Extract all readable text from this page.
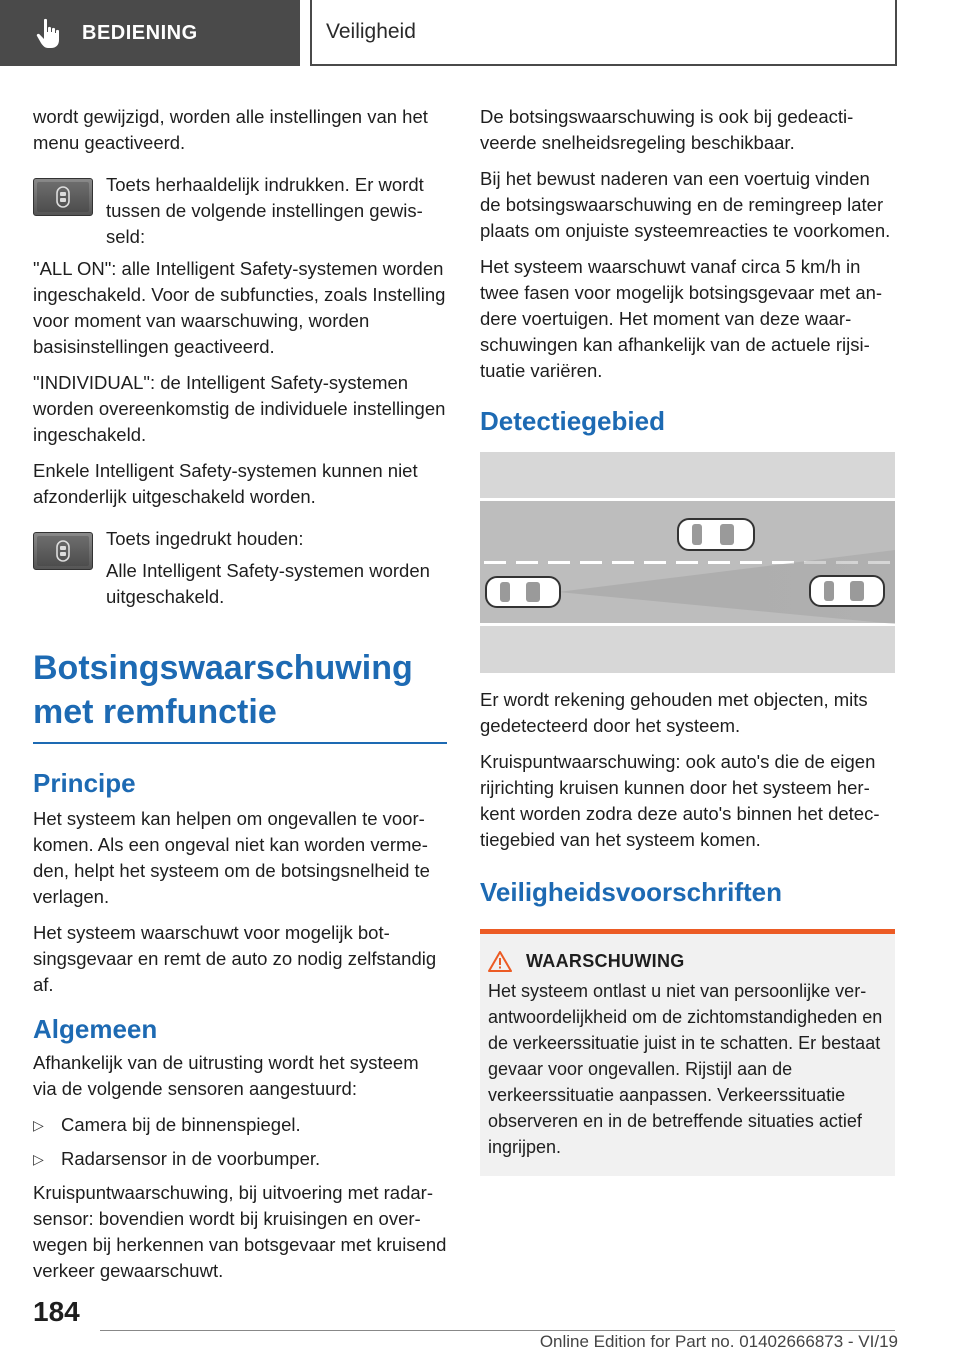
BEDIENING	Veiligheid

wordt gewijzigd, worden alle instellingen van het menu geactiveerd.

Toets herhaaldelijk indrukken. Er wordt tussen de volgende instellingen gewisseld:

"ALL ON": alle Intelligent Safety-systemen worden ingeschakeld. Voor de subfuncties, zoals Instelling voor moment van waarschuwing, worden basisinstellingen geactiveerd.

"INDIVIDUAL": de Intelligent Safety-systemen worden overeenkomstig de individuele instellingen ingeschakeld.

Enkele Intelligent Safety-systemen kunnen niet afzonderlijk uitgeschakeld worden.

Toets ingedrukt houden:

Alle Intelligent Safety-systemen worden uitgeschakeld.

Botsingswaarschuwing met remfunctie
Principe

Het systeem kan helpen om ongevallen te voorkomen. Als een ongeval niet kan worden vermeden, helpt het systeem om de botsingsnelheid te verlagen.

Het systeem waarschuwt voor mogelijk botsingsgevaar en remt de auto zo nodig zelfstandig af.

Algemeen

Afhankelijk van de uitrusting wordt het systeem via de volgende sensoren aangestuurd:

▷ Camera bij de binnenspiegel.
▷ Radarsensor in de voorbumper.

Kruispuntwaarschuwing, bij uitvoering met radarsensor: bovendien wordt bij kruisingen en overwegen bij herkennen van botsgevaar met kruisend verkeer gewaarschuwt.

De botsingswaarschuwing is ook bij gedeactiveerde snelheidsregeling beschikbaar.

Bij het bewust naderen van een voertuig vinden de botsingswaarschuwing en de remingreep later plaats om onjuiste systeemreacties te voorkomen.

Het systeem waarschuwt vanaf circa 5 km/h in twee fasen voor mogelijk botsingsgevaar met andere voertuigen. Het moment van deze waarschuwingen kan afhankelijk van de actuele rijsituatie variëren.

Detectiegebied

Er wordt rekening gehouden met objecten, mits gedetecteerd door het systeem.

Kruispuntwaarschuwing: ook auto's die de eigen rijrichting kruisen kunnen door het systeem herkent worden zodra deze auto's binnen het detectiegebied van het systeem komen.

Veiligheidsvoorschriften
WAARSCHUWING

Het systeem ontlast u niet van persoonlijke verantwoordelijkheid om de zichtomstandigheden en de verkeerssituatie juist in te schatten. Er bestaat gevaar voor ongevallen. Rijstijl aan de verkeerssituatie aanpassen. Verkeerssituatie observeren en in de betreffende situaties actief ingrijpen.

184
Online Edition for Part no. 01402666873 - VI/19
